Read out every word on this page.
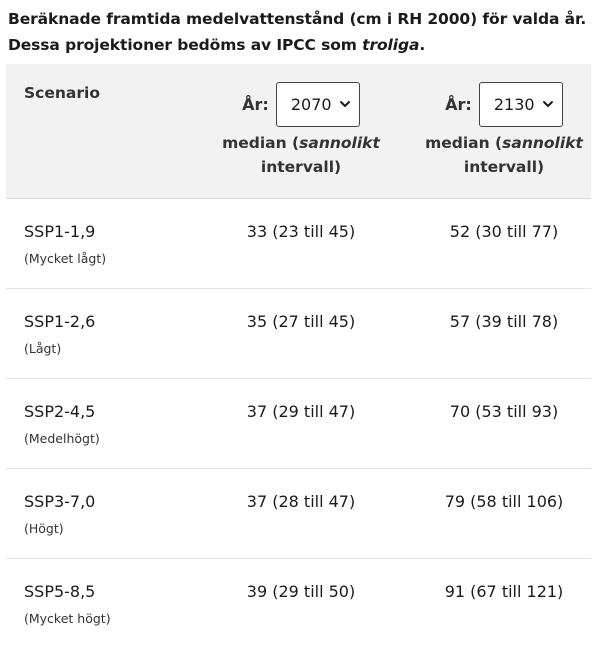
Beräknade framtida medelvattenstånd (cm i RH 2000) för valda år.
Dessa projektioner bedöms av IPCC som troliga.
Scenario
År: 2070
median (sannolikt
intervall)
År: 2130
median (sannolikt
intervall)
SSP1-1,9
(Mycket lågt)
33 (23 till 45)	52 (30 till 77)
SSP1-2,6
(Lågt)
35 (27 till 45)	57 (39 till 78)
SSP2-4,5
(Medelhögt)
37 (29 till 47)	70 (53 till 93)
SSP3-7,0
(Högt)
37 (28 till 47)	79 (58 till 106)
SSP5-8,5
(Mycket högt)
39 (29 till 50)	91 (67 till 121)
